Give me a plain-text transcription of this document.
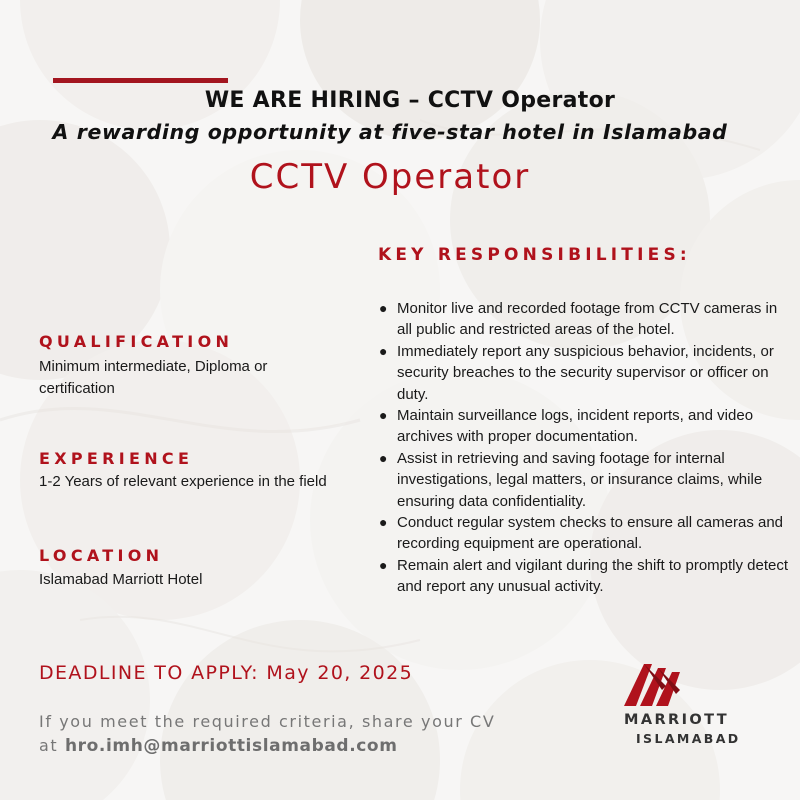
WE ARE HIRING – CCTV Operator
A rewarding opportunity at five-star hotel in Islamabad
CCTV Operator
KEY RESPONSIBILITIES:
● Monitor live and recorded footage from CCTV cameras in all public and restricted areas of the hotel.
● Immediately report any suspicious behavior, incidents, or security breaches to the security supervisor or officer on duty.
● Maintain surveillance logs, incident reports, and video archives with proper documentation.
● Assist in retrieving and saving footage for internal investigations, legal matters, or insurance claims, while ensuring data confidentiality.
● Conduct regular system checks to ensure all cameras and recording equipment are operational.
● Remain alert and vigilant during the shift to promptly detect and report any unusual activity.
QUALIFICATION
Minimum intermediate, Diploma or certification
EXPERIENCE
1-2 Years of relevant experience in the field
LOCATION
Islamabad Marriott Hotel
DEADLINE TO APPLY: May 20, 2025
If you meet the required criteria, share your CV
at hro.imh@marriottislamabad.com
MARRIOTT
ISLAMABAD
